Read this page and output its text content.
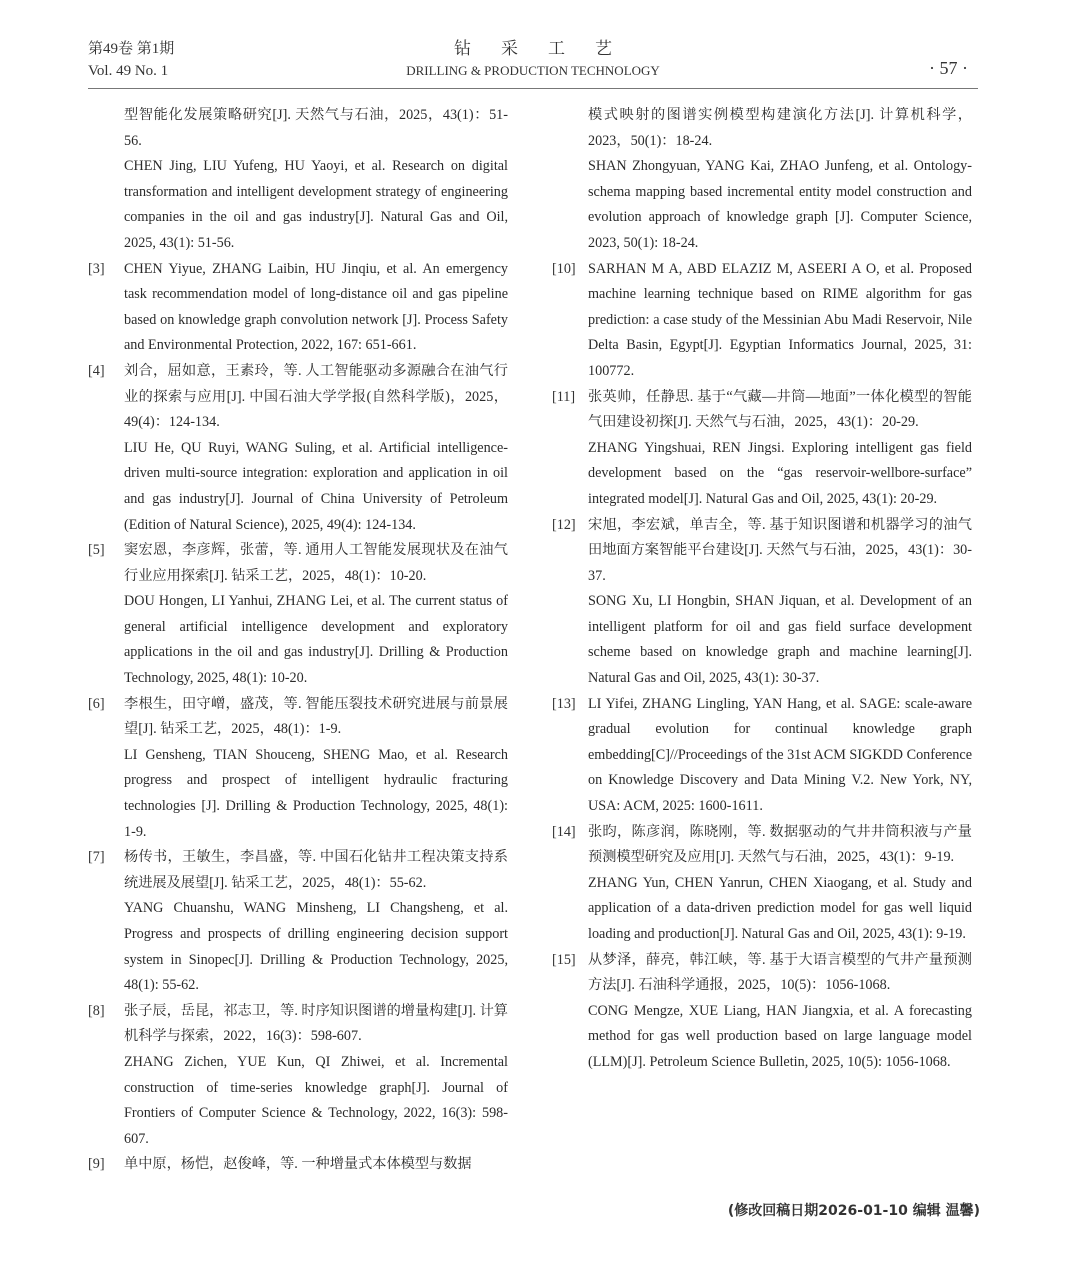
第49卷 第1期
Vol. 49 No. 1
钻采工艺
DRILLING & PRODUCTION TECHNOLOGY	· 57 ·

型智能化发展策略研究[J]. 天然气与石油，2025，43(1)：51-56.

CHEN Jing, LIU Yufeng, HU Yaoyi, et al. Research on digital transformation and intelligent development strategy of engineering companies in the oil and gas industry[J]. Natural Gas and Oil, 2025, 43(1): 51-56.

[3] CHEN Yiyue, ZHANG Laibin, HU Jinqiu, et al. An emergency task recommendation model of long-distance oil and gas pipeline based on knowledge graph convolution network [J]. Process Safety and Environmental Protection, 2022, 167: 651-661.

[4] 刘合，屈如意，王素玲，等. 人工智能驱动多源融合在油气行业的探索与应用[J]. 中国石油大学学报(自然科学版)，2025，49(4)：124-134.

LIU He, QU Ruyi, WANG Suling, et al. Artificial intelligence-driven multi-source integration: exploration and application in oil and gas industry[J]. Journal of China University of Petroleum (Edition of Natural Science), 2025, 49(4): 124-134.

[5] 窦宏恩，李彦辉，张蕾，等. 通用人工智能发展现状及在油气行业应用探索[J]. 钻采工艺，2025，48(1)：10-20.

DOU Hongen, LI Yanhui, ZHANG Lei, et al. The current status of general artificial intelligence development and exploratory applications in the oil and gas industry[J]. Drilling & Production Technology, 2025, 48(1): 10-20.

[6] 李根生，田守嶒，盛茂，等. 智能压裂技术研究进展与前景展望[J]. 钻采工艺，2025，48(1)：1-9.

LI Gensheng, TIAN Shouceng, SHENG Mao, et al. Research progress and prospect of intelligent hydraulic fracturing technologies [J]. Drilling & Production Technology, 2025, 48(1): 1-9.

[7] 杨传书，王敏生，李昌盛，等. 中国石化钻井工程决策支持系统进展及展望[J]. 钻采工艺，2025，48(1)：55-62.

YANG Chuanshu, WANG Minsheng, LI Changsheng, et al. Progress and prospects of drilling engineering decision support system in Sinopec[J]. Drilling & Production Technology, 2025, 48(1): 55-62.

[8] 张子辰，岳昆，祁志卫，等. 时序知识图谱的增量构建[J]. 计算机科学与探索，2022，16(3)：598-607.

ZHANG Zichen, YUE Kun, QI Zhiwei, et al. Incremental construction of time-series knowledge graph[J]. Journal of Frontiers of Computer Science & Technology, 2022, 16(3): 598-607.

[9] 单中原，杨恺，赵俊峰，等. 一种增量式本体模型与数据

模式映射的图谱实例模型构建演化方法[J]. 计算机科学，2023，50(1)：18-24.

SHAN Zhongyuan, YANG Kai, ZHAO Junfeng, et al. Ontology-schema mapping based incremental entity model construction and evolution approach of knowledge graph [J]. Computer Science, 2023, 50(1): 18-24.

[10] SARHAN M A, ABD ELAZIZ M, ASEERI A O, et al. Proposed machine learning technique based on RIME algorithm for gas prediction: a case study of the Messinian Abu Madi Reservoir, Nile Delta Basin, Egypt[J]. Egyptian Informatics Journal, 2025, 31: 100772.

[11] 张英帅，任静思. 基于“气藏—井筒—地面”一体化模型的智能气田建设初探[J]. 天然气与石油，2025，43(1)：20-29.

ZHANG Yingshuai, REN Jingsi. Exploring intelligent gas field development based on the “gas reservoir-wellbore-surface” integrated model[J]. Natural Gas and Oil, 2025, 43(1): 20-29.

[12] 宋旭，李宏斌，单吉全，等. 基于知识图谱和机器学习的油气田地面方案智能平台建设[J]. 天然气与石油，2025，43(1)：30-37.

SONG Xu, LI Hongbin, SHAN Jiquan, et al. Development of an intelligent platform for oil and gas field surface development scheme based on knowledge graph and machine learning[J]. Natural Gas and Oil, 2025, 43(1): 30-37.

[13] LI Yifei, ZHANG Lingling, YAN Hang, et al. SAGE: scale-aware gradual evolution for continual knowledge graph embedding[C]//Proceedings of the 31st ACM SIGKDD Conference on Knowledge Discovery and Data Mining V.2. New York, NY, USA: ACM, 2025: 1600-1611.

[14] 张昀，陈彦润，陈晓刚，等. 数据驱动的气井井筒积液与产量预测模型研究及应用[J]. 天然气与石油，2025，43(1)：9-19.

ZHANG Yun, CHEN Yanrun, CHEN Xiaogang, et al. Study and application of a data-driven prediction model for gas well liquid loading and production[J]. Natural Gas and Oil, 2025, 43(1): 9-19.

[15] 从梦泽，薛亮，韩江峡，等. 基于大语言模型的气井产量预测方法[J]. 石油科学通报，2025，10(5)：1056-1068.

CONG Mengze, XUE Liang, HAN Jiangxia, et al. A forecasting method for gas well production based on large language model (LLM)[J]. Petroleum Science Bulletin, 2025, 10(5): 1056-1068.

(修改回稿日期2026-01-10 编辑 温馨)
